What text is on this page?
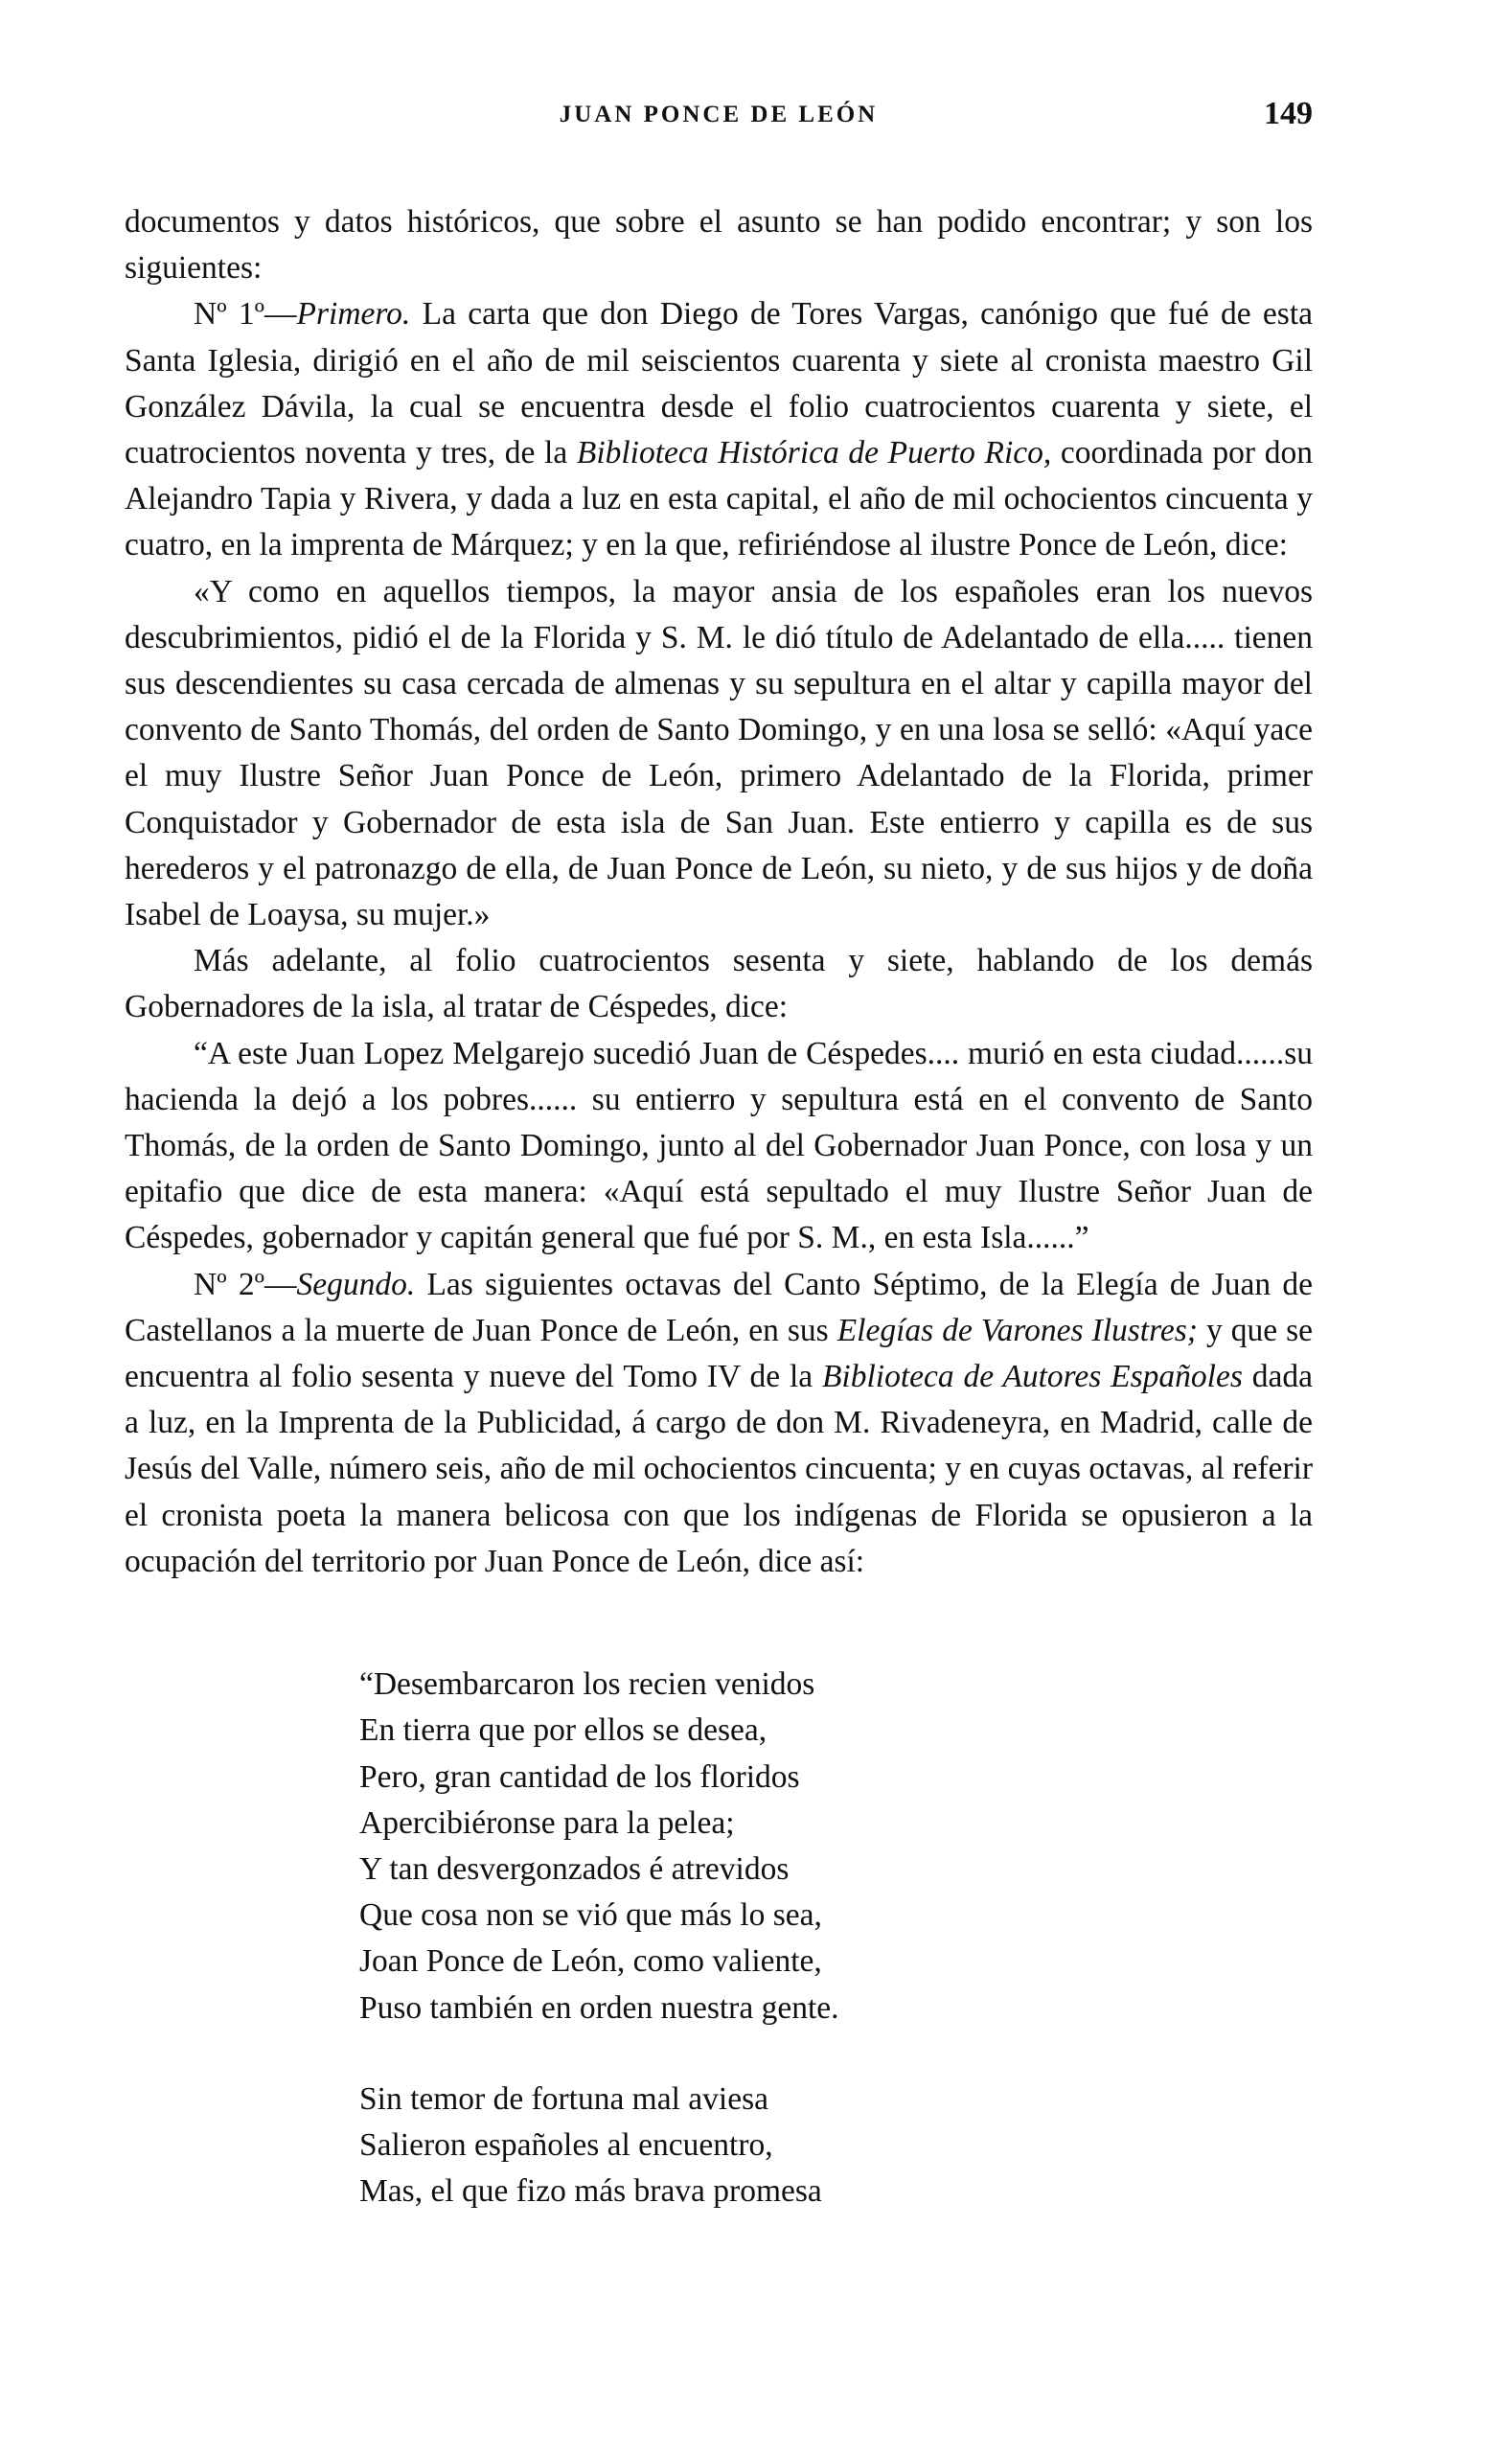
JUAN PONCE DE LEÓN	149

documentos y datos históricos, que sobre el asunto se han podido encontrar; y son los siguientes:

Nº 1º—Primero. La carta que don Diego de Tores Vargas, canónigo que fué de esta Santa Iglesia, dirigió en el año de mil seiscientos cuarenta y siete al cronista maestro Gil González Dávila, la cual se encuentra desde el folio cuatrocientos cuarenta y siete, el cuatrocientos noventa y tres, de la Biblioteca Histórica de Puerto Rico, coordinada por don Alejandro Tapia y Rivera, y dada a luz en esta capital, el año de mil ochocientos cincuenta y cuatro, en la imprenta de Márquez; y en la que, refiriéndose al ilustre Ponce de León, dice:

«Y como en aquellos tiempos, la mayor ansia de los españoles eran los nuevos descubrimientos, pidió el de la Florida y S. M. le dió título de Adelantado de ella..... tienen sus descendientes su casa cercada de almenas y su sepultura en el altar y capilla mayor del convento de Santo Thomás, del orden de Santo Domingo, y en una losa se selló: «Aquí yace el muy Ilustre Señor Juan Ponce de León, primero Adelantado de la Florida, primer Conquistador y Gobernador de esta isla de San Juan. Este entierro y capilla es de sus herederos y el patronazgo de ella, de Juan Ponce de León, su nieto, y de sus hijos y de doña Isabel de Loaysa, su mujer.»

Más adelante, al folio cuatrocientos sesenta y siete, hablando de los demás Gobernadores de la isla, al tratar de Céspedes, dice:

“A este Juan Lopez Melgarejo sucedió Juan de Céspedes.... murió en esta ciudad......su hacienda la dejó a los pobres...... su entierro y sepultura está en el convento de Santo Thomás, de la orden de Santo Domingo, junto al del Gobernador Juan Ponce, con losa y un epitafio que dice de esta manera: «Aquí está sepultado el muy Ilustre Señor Juan de Céspedes, gobernador y capitán general que fué por S. M., en esta Isla......”

Nº 2º—Segundo. Las siguientes octavas del Canto Séptimo, de la Elegía de Juan de Castellanos a la muerte de Juan Ponce de León, en sus Elegías de Varones Ilustres; y que se encuentra al folio sesenta y nueve del Tomo IV de la Biblioteca de Autores Españoles dada a luz, en la Imprenta de la Publicidad, á cargo de don M. Rivadeneyra, en Madrid, calle de Jesús del Valle, número seis, año de mil ochocientos cincuenta; y en cuyas octavas, al referir el cronista poeta la manera belicosa con que los indígenas de Florida se opusieron a la ocupación del territorio por Juan Ponce de León, dice así:

“Desembarcaron los recien venidos
En tierra que por ellos se desea,
Pero, gran cantidad de los floridos
Apercibiéronse para la pelea;
Y tan desvergonzados é atrevidos
Que cosa non se vió que más lo sea,
Joan Ponce de León, como valiente,
Puso también en orden nuestra gente.
Sin temor de fortuna mal aviesa
Salieron españoles al encuentro,
Mas, el que fizo más brava promesa
